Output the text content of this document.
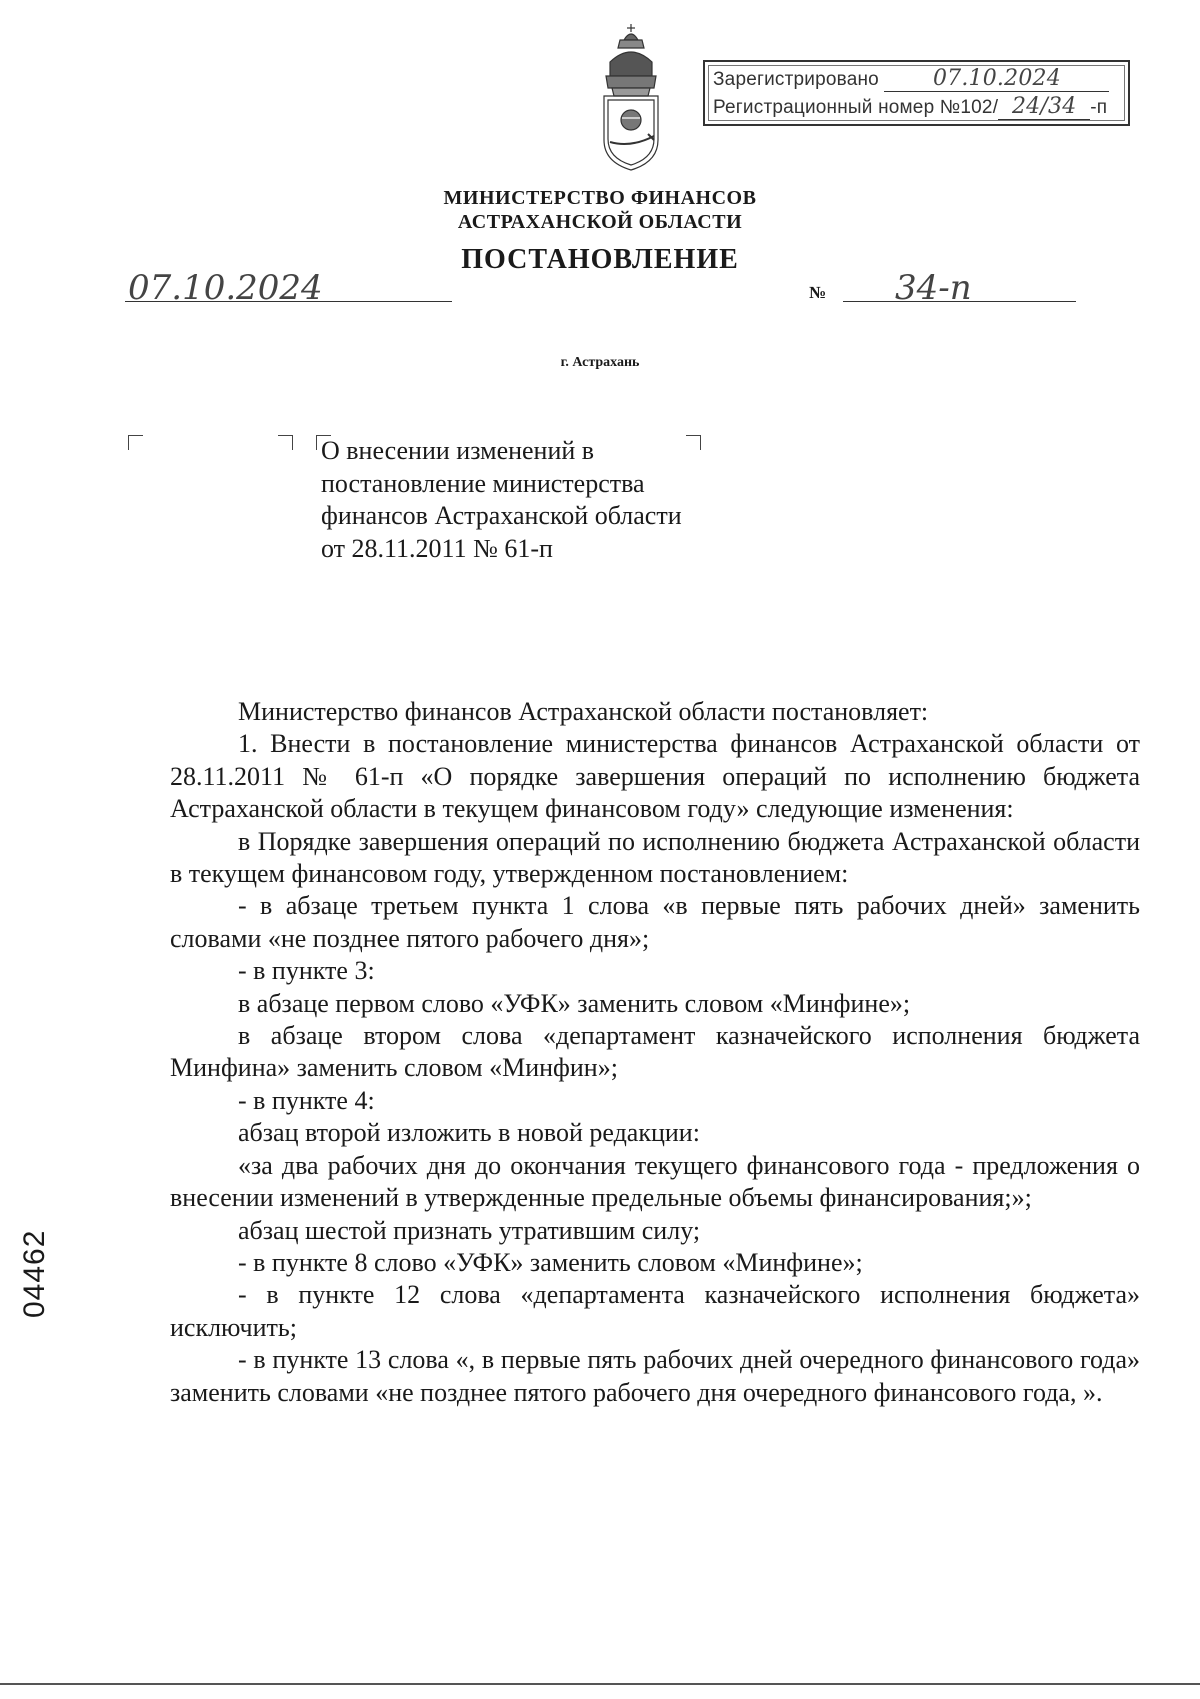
Зарегистрировано 07.10.2024
Регистрационный номер №102/ 24/34 -п
МИНИСТЕРСТВО ФИНАНСОВ
АСТРАХАНСКОЙ ОБЛАСТИ
ПОСТАНОВЛЕНИЕ
07.10.2024	№ 34-п
г. Астрахань
О внесении изменений в
постановление министерства
финансов Астраханской области
от 28.11.2011 № 61-п

Министерство финансов Астраханской области постановляет:

1. Внести в постановление министерства финансов Астраханской области от 28.11.2011 № 61-п «О порядке завершения операций по исполнению бюджета Астраханской области в текущем финансовом году» следующие изменения:

в Порядке завершения операций по исполнению бюджета Астраханской области в текущем финансовом году, утвержденном постановлением:

- в абзаце третьем пункта 1 слова «в первые пять рабочих дней» заменить словами «не позднее пятого рабочего дня»;

- в пункте 3:

в абзаце первом слово «УФК» заменить словом «Минфине»;

в абзаце втором слова «департамент казначейского исполнения бюджета Минфина» заменить словом «Минфин»;

- в пункте 4:

абзац второй изложить в новой редакции:

«за два рабочих дня до окончания текущего финансового года - предложения о внесении изменений в утвержденные предельные объемы финансирования;»;

абзац шестой признать утратившим силу;

- в пункте 8 слово «УФК» заменить словом «Минфине»;

- в пункте 12 слова «департамента казначейского исполнения бюджета» исключить;

- в пункте 13 слова «, в первые пять рабочих дней очередного финансового года» заменить словами «не позднее пятого рабочего дня очередного финансового года, ».

04462
